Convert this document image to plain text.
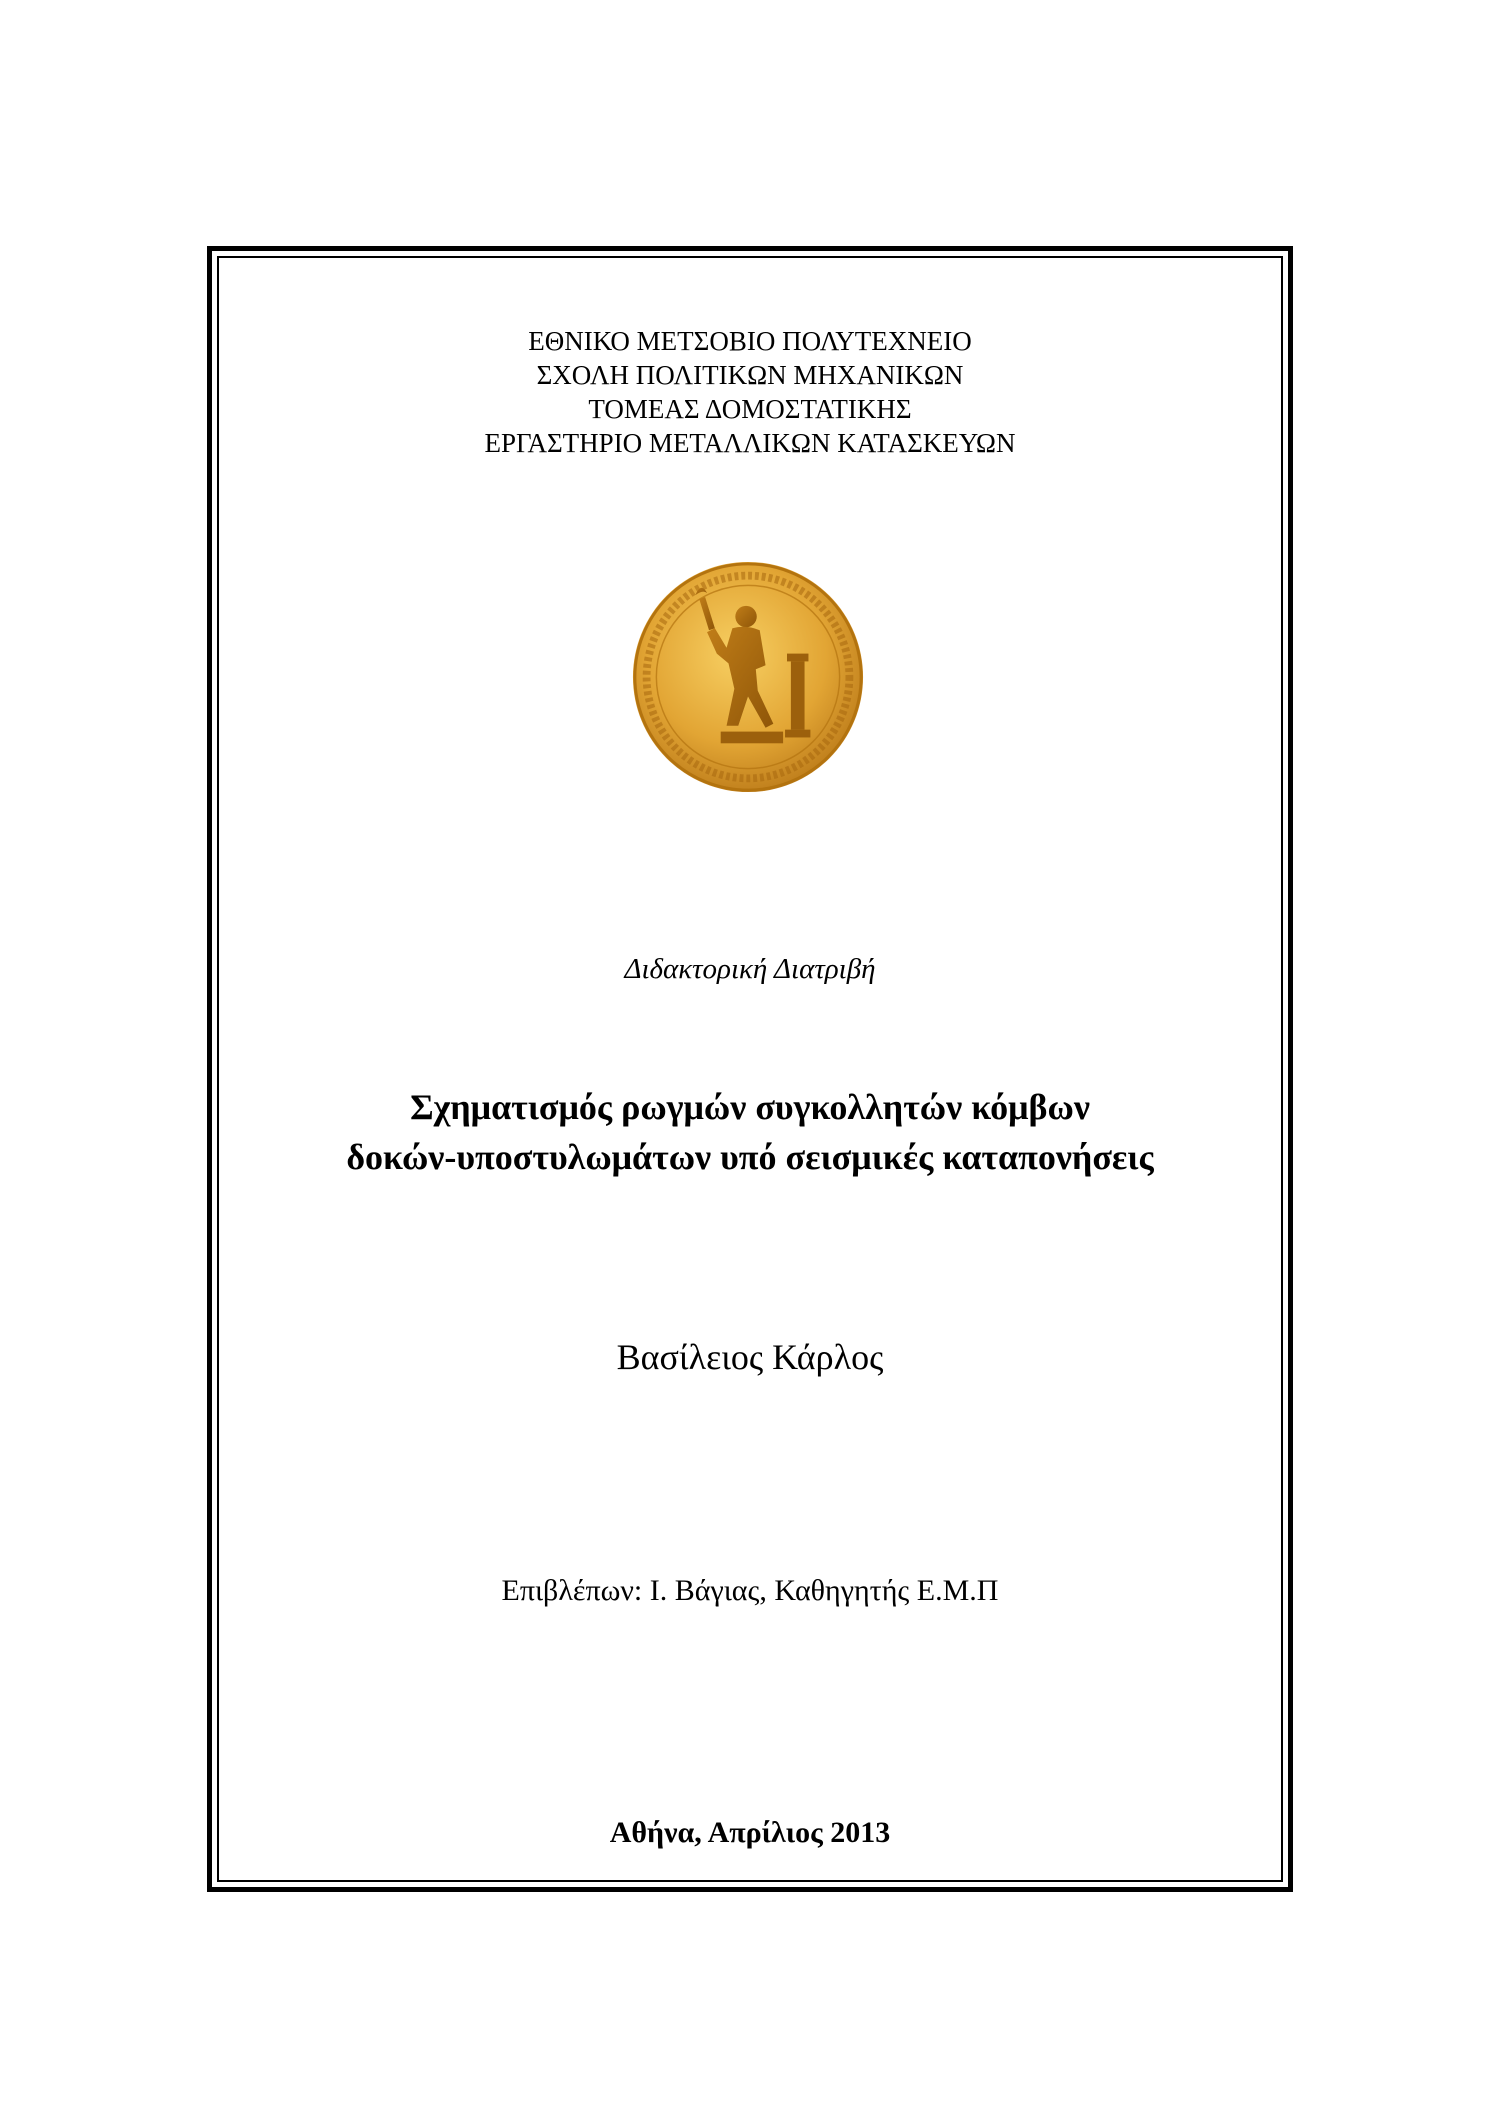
ΕΘΝΙΚΟ ΜΕΤΣΟΒΙΟ ΠΟΛΥΤΕΧΝΕΙΟ
ΣΧΟΛΗ ΠΟΛΙΤΙΚΩΝ ΜΗΧΑΝΙΚΩΝ
ΤΟΜΕΑΣ ΔΟΜΟΣΤΑΤΙΚΗΣ
ΕΡΓΑΣΤΗΡΙΟ ΜΕΤΑΛΛΙΚΩΝ ΚΑΤΑΣΚΕΥΩΝ
Διδακτορική Διατριβή
Σχηματισμός ρωγμών συγκολλητών κόμβων
δοκών-υποστυλωμάτων υπό σεισμικές καταπονήσεις
Βασίλειος Κάρλος
Επιβλέπων: Ι. Βάγιας, Καθηγητής Ε.Μ.Π
Αθήνα, Απρίλιος 2013
